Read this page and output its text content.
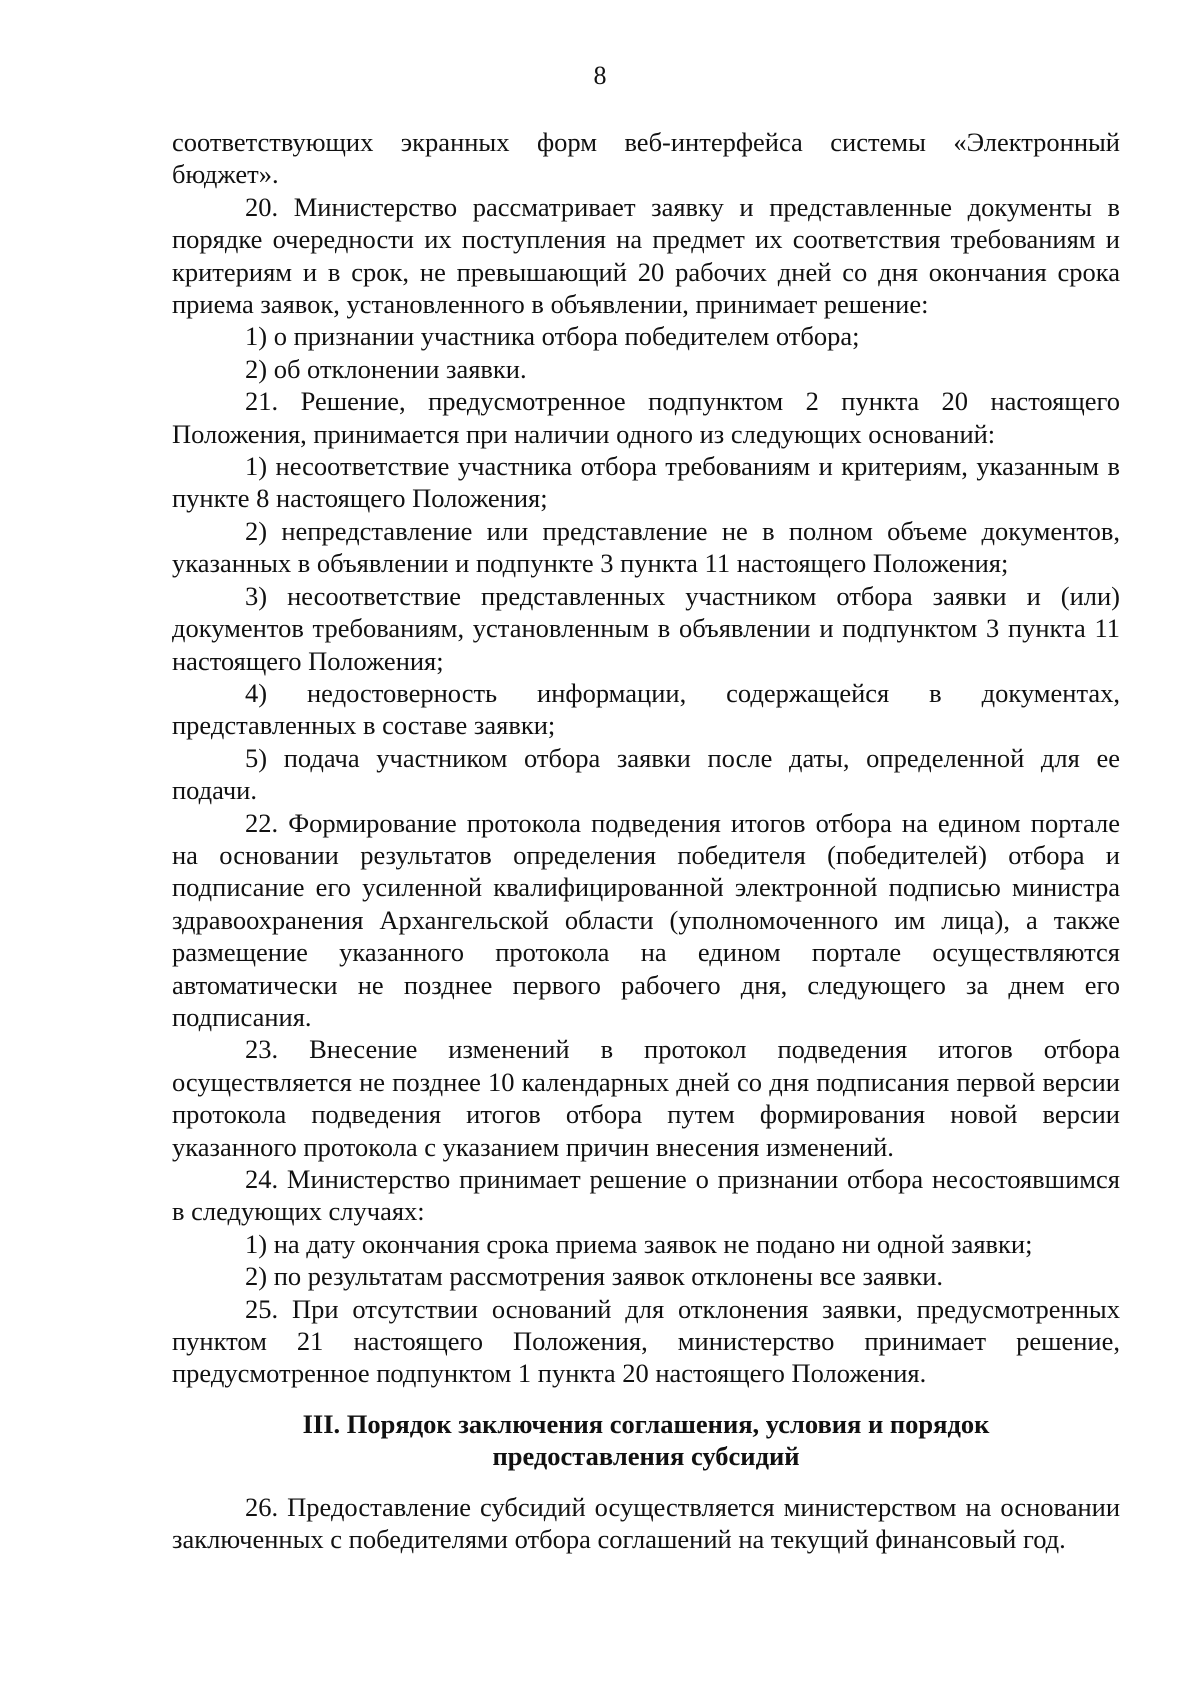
8

соответствующих экранных форм веб-интерфейса системы «Электронный бюджет».

20. Министерство рассматривает заявку и представленные документы в порядке очередности их поступления на предмет их соответствия требованиям и критериям и в срок, не превышающий 20 рабочих дней со дня окончания срока приема заявок, установленного в объявлении, принимает решение:

1) о признании участника отбора победителем отбора;

2) об отклонении заявки.

21. Решение, предусмотренное подпунктом 2 пункта 20 настоящего Положения, принимается при наличии одного из следующих оснований:

1) несоответствие участника отбора требованиям и критериям, указанным в пункте 8 настоящего Положения;

2) непредставление или представление не в полном объеме документов, указанных в объявлении и подпункте 3 пункта 11 настоящего Положения;

3) несоответствие представленных участником отбора заявки и (или) документов требованиям, установленным в объявлении и подпунктом 3 пункта 11 настоящего Положения;

4) недостоверность информации, содержащейся в документах, представленных в составе заявки;

5) подача участником отбора заявки после даты, определенной для ее подачи.

22. Формирование протокола подведения итогов отбора на едином портале на основании результатов определения победителя (победителей) отбора и подписание его усиленной квалифицированной электронной подписью министра здравоохранения Архангельской области (уполномоченного им лица), а также размещение указанного протокола на едином портале осуществляются автоматически не позднее первого рабочего дня, следующего за днем его подписания.

23. Внесение изменений в протокол подведения итогов отбора осуществляется не позднее 10 календарных дней со дня подписания первой версии протокола подведения итогов отбора путем формирования новой версии указанного протокола с указанием причин внесения изменений.

24. Министерство принимает решение о признании отбора несостоявшимся в следующих случаях:

1) на дату окончания срока приема заявок не подано ни одной заявки;

2) по результатам рассмотрения заявок отклонены все заявки.

25. При отсутствии оснований для отклонения заявки, предусмотренных пунктом 21 настоящего Положения, министерство принимает решение, предусмотренное подпунктом 1 пункта 20 настоящего Положения.

III. Порядок заключения соглашения, условия и порядок
предоставления субсидий

26. Предоставление субсидий осуществляется министерством на основании заключенных с победителями отбора соглашений на текущий финансовый год.
